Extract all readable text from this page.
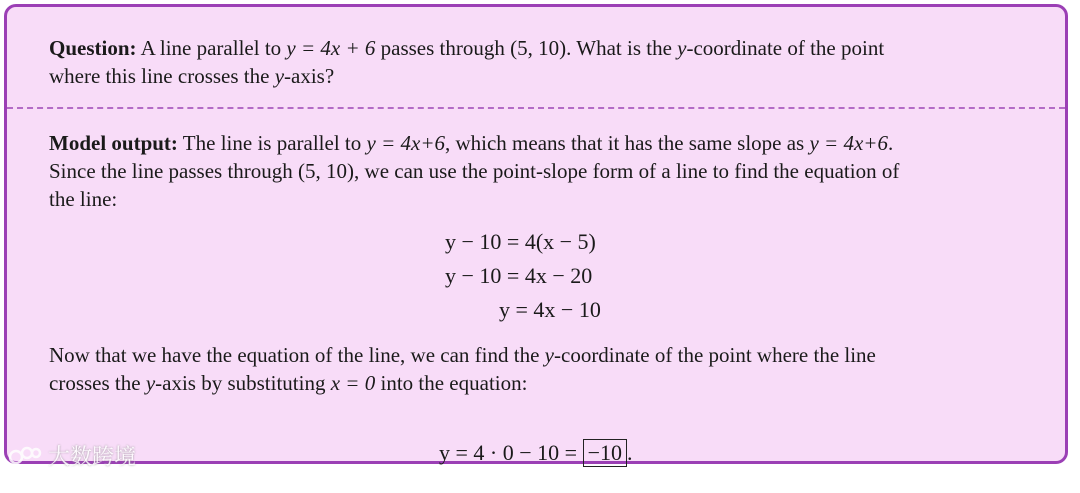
Question: A line parallel to y = 4x + 6 passes through (5, 10). What is the y-coordinate of the point
where this line crosses the y-axis?
Model output: The line is parallel to y = 4x+6, which means that it has the same slope as y = 4x+6.
Since the line passes through (5, 10), we can use the point-slope form of a line to find the equation of
the line:
y − 10 = 4(x − 5)
y − 10 = 4x − 20
y = 4x − 10
Now that we have the equation of the line, we can find the y-coordinate of the point where the line
crosses the y-axis by substituting x = 0 into the equation:

y = 4 · 0 − 10 = −10 .

大数跨境
